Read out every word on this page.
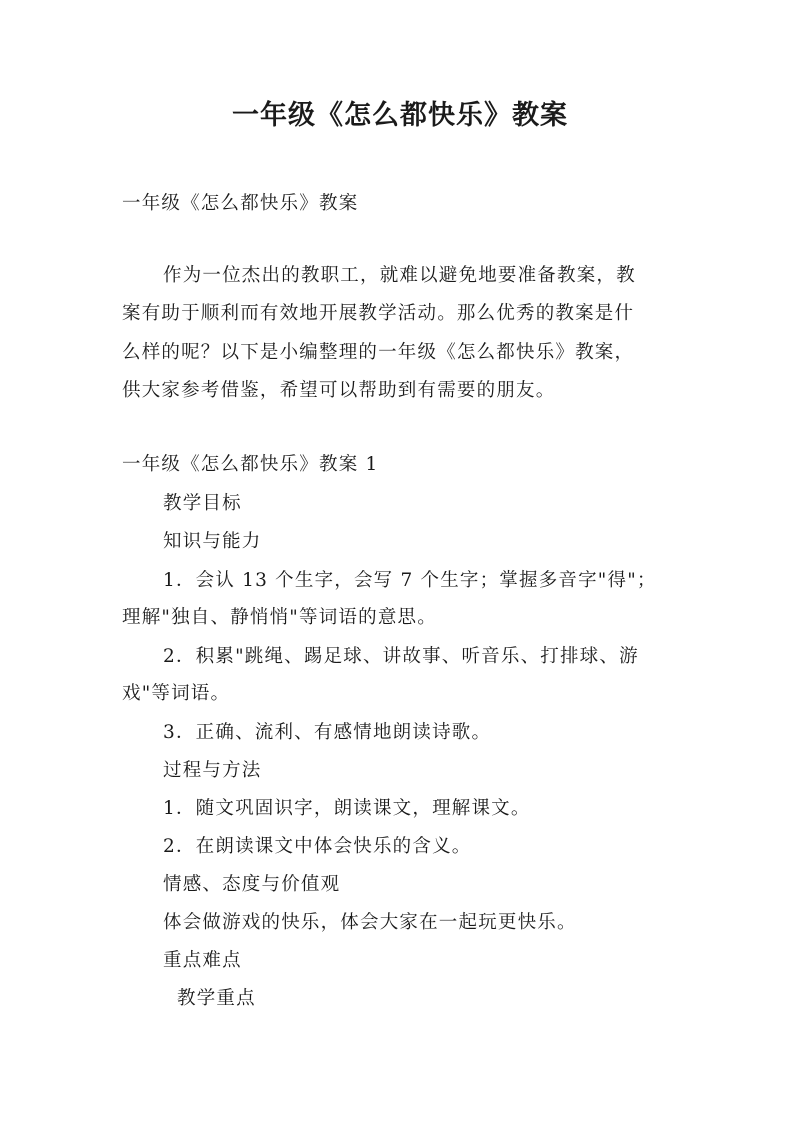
一年级《怎么都快乐》教案
一年级《怎么都快乐》教案
作为一位杰出的教职工，就难以避免地要准备教案，教
案有助于顺利而有效地开展教学活动。那么优秀的教案是什
么样的呢？以下是小编整理的一年级《怎么都快乐》教案，
供大家参考借鉴，希望可以帮助到有需要的朋友。
一年级《怎么都快乐》教案 1
教学目标
知识与能力
1．会认 13 个生字，会写 7 个生字；掌握多音字"得"；
理解"独自、静悄悄"等词语的意思。
2．积累"跳绳、踢足球、讲故事、听音乐、打排球、游
戏"等词语。
3．正确、流利、有感情地朗读诗歌。
过程与方法
1．随文巩固识字，朗读课文，理解课文。
2．在朗读课文中体会快乐的含义。
情感、态度与价值观
体会做游戏的快乐，体会大家在一起玩更快乐。
重点难点
教学重点
